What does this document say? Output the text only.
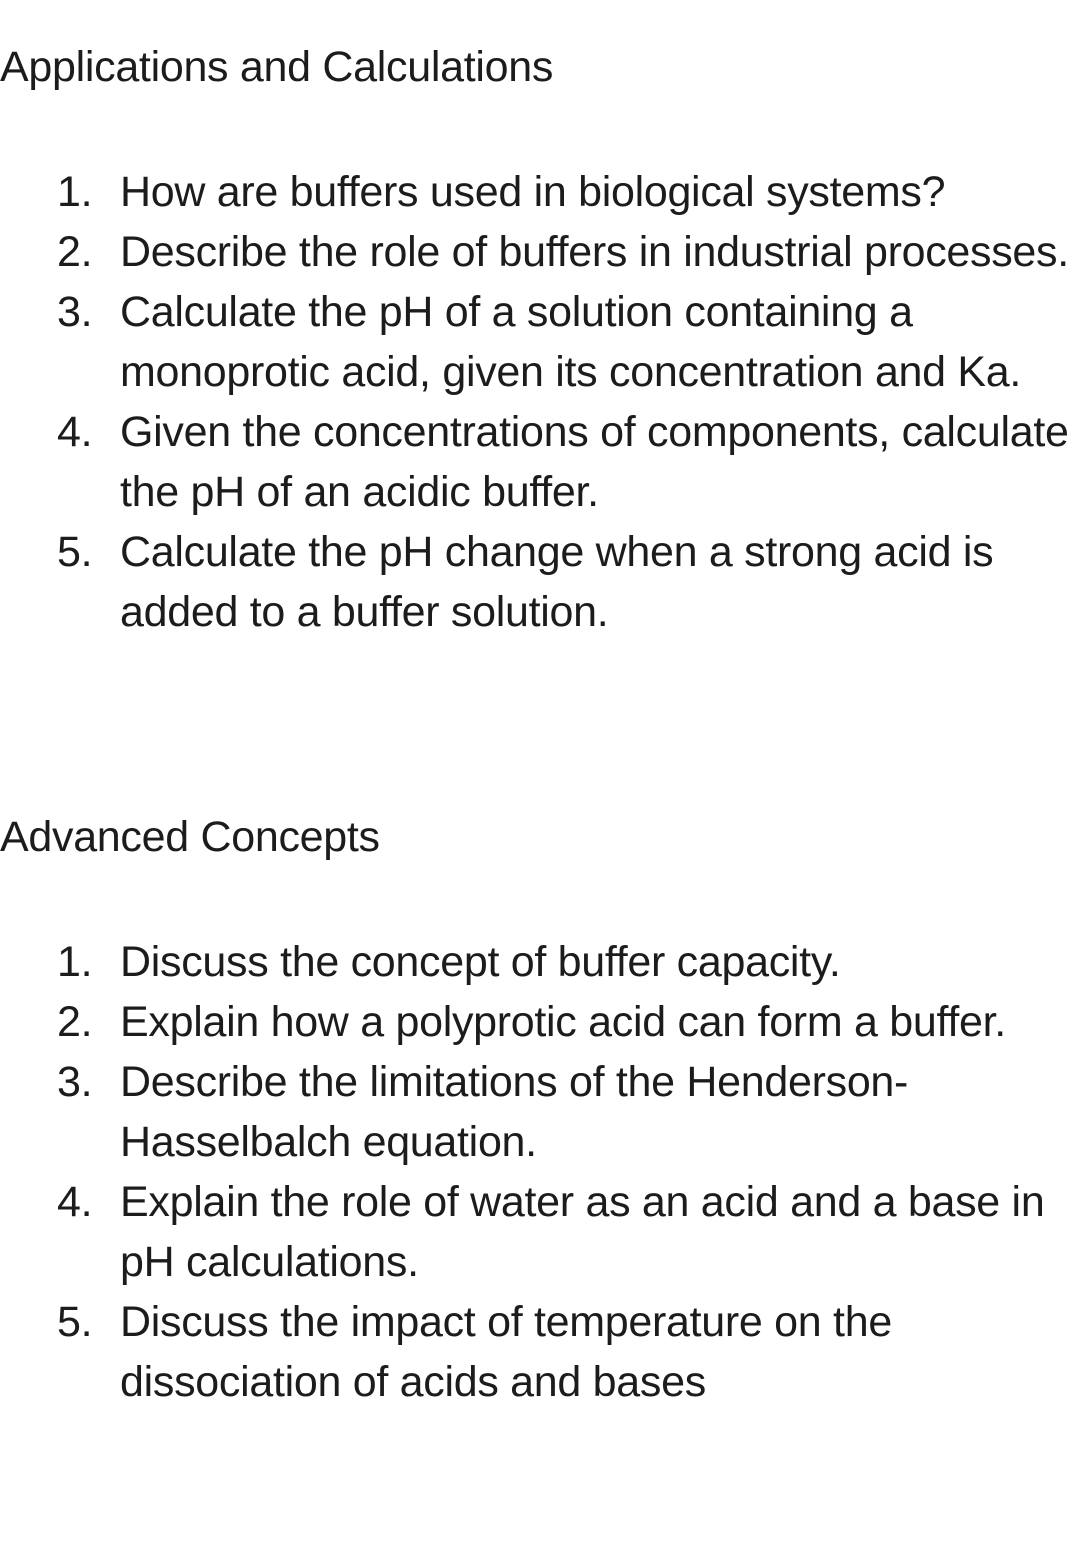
Applications and Calculations
1. How are buffers used in biological systems?
2. Describe the role of buffers in industrial processes.
3. Calculate the pH of a solution containing a monoprotic acid, given its concentration and Ka.
4. Given the concentrations of components, calculate the pH of an acidic buffer.
5. Calculate the pH change when a strong acid is added to a buffer solution.
Advanced Concepts
1. Discuss the concept of buffer capacity.
2. Explain how a polyprotic acid can form a buffer.
3. Describe the limitations of the Henderson-Hasselbalch equation.
4. Explain the role of water as an acid and a base in pH calculations.
5. Discuss the impact of temperature on the dissociation of acids and bases
